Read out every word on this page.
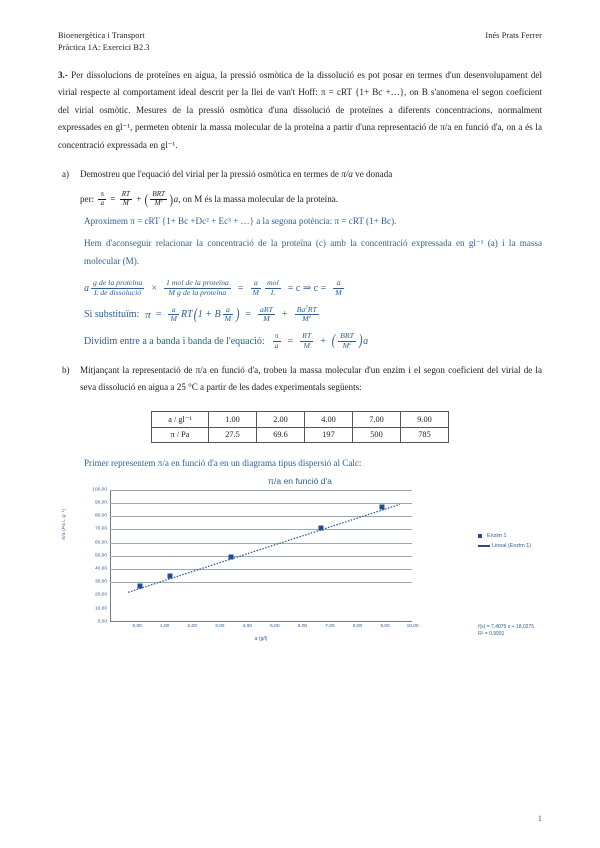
Bioenergètica i Transport
Pràctica 1A: Exercici B2.3
Inés Prats Ferrer
3.- Per dissolucions de proteïnes en aigua, la pressió osmòtica de la dissolució es pot posar en termes d'un desenvolupament del virial respecte al comportament ideal descrit per la llei de van't Hoff: π = cRT {1+ Bc +…}, on B s'anomena el segon coeficient del virial osmòtic. Mesures de la pressió osmòtica d'una dissolució de proteïnes a diferents concentracions, normalment expressades en gl⁻¹, permeten obtenir la massa molecular de la proteïna a partir d'una representació de π/a en funció d'a, on a és la concentració expressada en gl⁻¹.
a)	Demostreu que l'equació del virial per la pressió osmòtica en termes de π/a ve donada
per: $\frac{\pi}{a} = \frac{RT}{M}$ + ( $\frac{\text{BRT}}{M^2} )a$, on M és la massa molecular de la proteïna.
Aproximem π = cRT {1+ Bc +Dc² + Ec³ + …} a la segona potència: π = cRT (1+ Bc).
Hem d'aconseguir relacionar la concentració de la proteïna (c) amb la concentració expressada en gl⁻¹ (a) i la massa molecular (M).
a $\frac{\text{g de la proteïna}}{\text{L de dissolució}} \times \frac{\text{1 mol de la proteïna}}{\text{M g de la proteïna}} = \frac{a}{M} \frac{\text{mol}}{L} = c$ ⇒ $c = \frac{a}{M}$
Si substituïm: $\pi = \frac{a}{M}$ RT ( 1 + B $\frac{a}{M}$ ) = $\frac{\text{aRT}}{M} + \frac{Ba^2RT}{M^2}$
Dividim entre a a banda i banda de l'equació: $\frac{\pi}{a} = \frac{RT}{M}$ + ( $\frac{\text{BRT}}{M^2}$ ) a
b)	Mitjançant la representació de π/a en funció d'a, trobeu la massa molecular d'un enzim i el segon coeficient del virial de la seva dissolució en aigua a 25 °C a partir de les dades experimentals següents:
a / gl⁻¹	1.00	2.00	4.00	7.00	9.00
π / Pa	27.5	69.6	197	500	785
Primer representem π/a en funció d'a en un diagrama tipus dispersió al Calc:
π/a en funció d'a
π/a (Pa L g⁻¹)
0,00
10,00
20,00
30,00
40,00
50,00
60,00
70,00
80,00
90,00
100,00
0,00	1,00	2,00	3,00	4,00	5,00	6,00	7,00	8,00	9,00	10,00
a (g/l)
Enzim 1
Lineal (Enzim 1)
f(x) = 7,4075 x + 18,0275
R² = 0,9991
1
